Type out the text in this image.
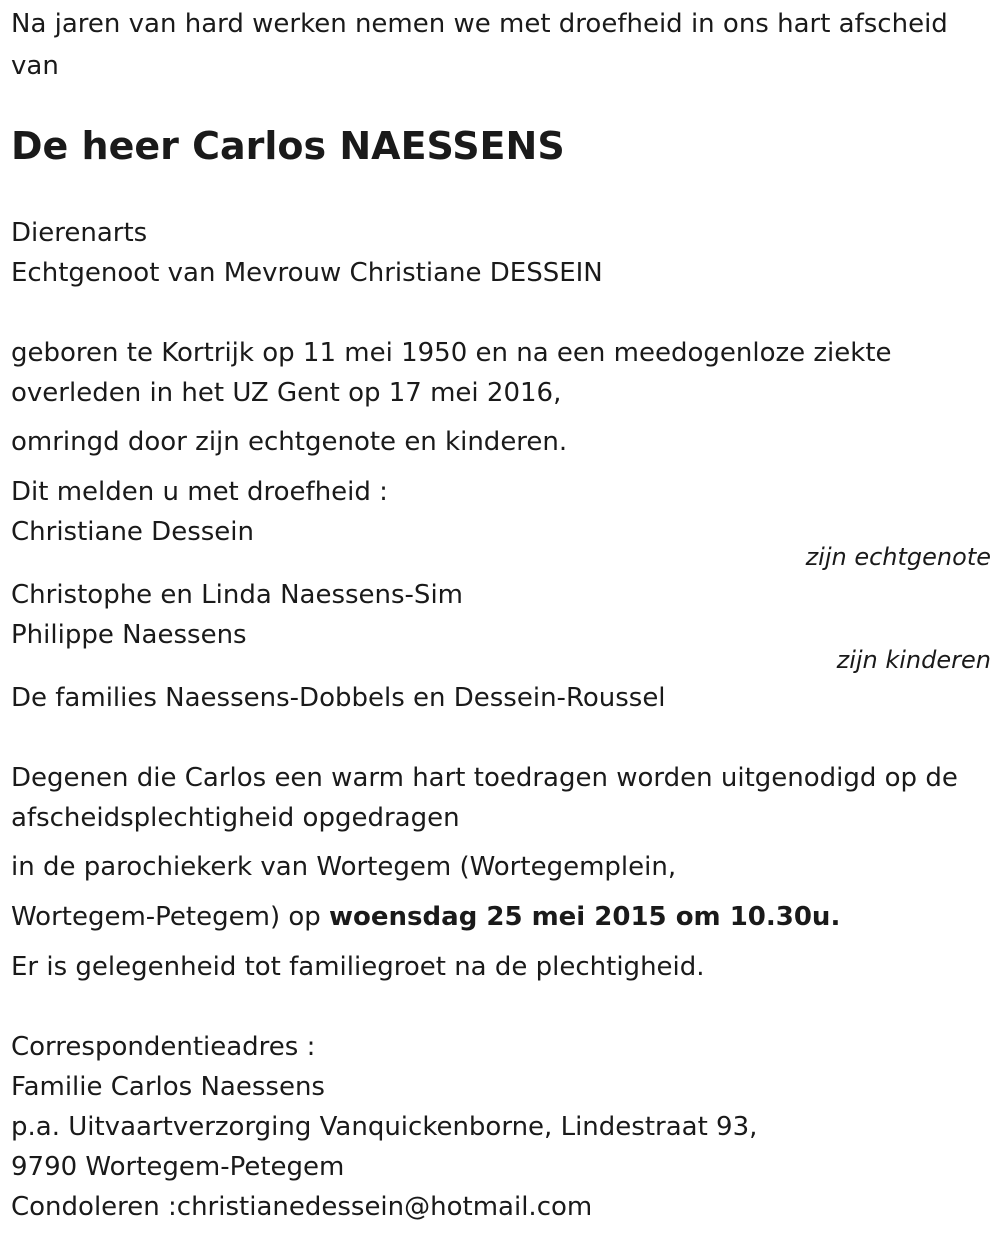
Na jaren van hard werken nemen we met droefheid in ons hart afscheid
van
De heer Carlos NAESSENS
Dierenarts
Echtgenoot van Mevrouw Christiane DESSEIN
geboren te Kortrijk op 11 mei 1950 en na een meedogenloze ziekte
overleden in het UZ Gent op 17 mei 2016,
omringd door zijn echtgenote en kinderen.
Dit melden u met droefheid :
Christiane Dessein
zijn echtgenote
Christophe en Linda Naessens-Sim
Philippe Naessens
zijn kinderen
De families Naessens-Dobbels en Dessein-Roussel
Degenen die Carlos een warm hart toedragen worden uitgenodigd op de
afscheidsplechtigheid opgedragen
in de parochiekerk van Wortegem (Wortegemplein,
Wortegem-Petegem) op woensdag 25 mei 2015 om 10.30u.
Er is gelegenheid tot familiegroet na de plechtigheid.
Correspondentieadres :
Familie Carlos Naessens
p.a. Uitvaartverzorging Vanquickenborne, Lindestraat 93,
9790 Wortegem-Petegem
Condoleren :christianedessein@hotmail.com
